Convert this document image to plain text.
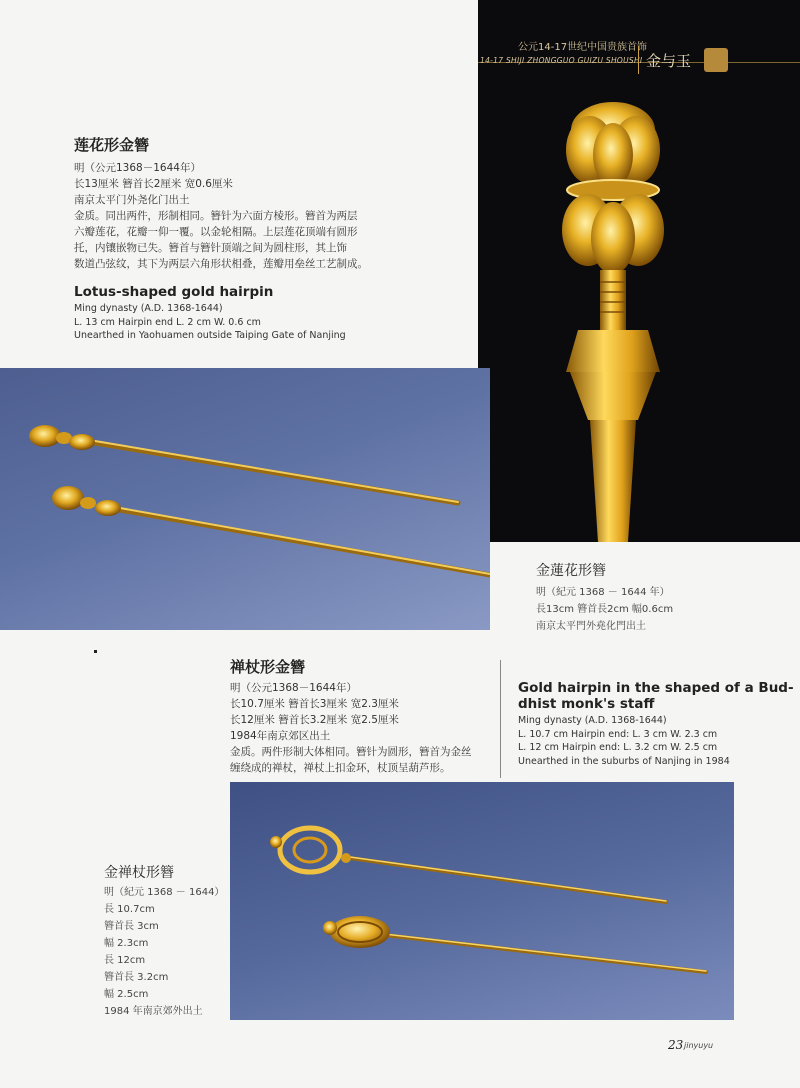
公元14-17世纪中国贵族首饰
14-17 SHIJI ZHONGGUO GUIZU SHOUSHI 金与玉
莲花形金簪
明（公元1368－1644年）
长13厘米 簪首长2厘米 宽0.6厘米
南京太平门外尧化门出土
金质。同出两件，形制相同。簪针为六面方棱形。簪首为两层
六瓣莲花，花瓣一仰一覆。以金轮相隔。上层莲花顶端有圆形
托，内镶嵌物已失。簪首与簪针顶端之间为圆柱形，其上饰
数道凸弦纹，其下为两层六角形状相叠，莲瓣用垒丝工艺制成。
Lotus-shaped gold hairpin
Ming dynasty (A.D. 1368-1644)
L. 13 cm Hairpin end L. 2 cm W. 0.6 cm
Unearthed in Yaohuamen outside Taiping Gate of Nanjing
金蓮花形簪
明（紀元 1368 － 1644 年）
長13cm 簪首長2cm 幅0.6cm
南京太平門外堯化門出土
禅杖形金簪
明（公元1368－1644年）
长10.7厘米 簪首长3厘米 宽2.3厘米
长12厘米 簪首长3.2厘米 宽2.5厘米
1984年南京郊区出土
金质。两件形制大体相同。簪针为圆形，簪首为金丝
缠绕成的禅杖，禅杖上扣金环，杖顶呈葫芦形。
Gold hairpin in the shaped of a Bud-
dhist monk's staff
Ming dynasty (A.D. 1368-1644)
L. 10.7 cm Hairpin end: L. 3 cm W. 2.3 cm
L. 12 cm Hairpin end: L. 3.2 cm W. 2.5 cm
Unearthed in the suburbs of Nanjing in 1984
金禅杖形簪
明（紀元 1368 － 1644）
長 10.7cm
簪首長 3cm
幅 2.3cm
長 12cm
簪首長 3.2cm
幅 2.5cm
1984 年南京郊外出土
23 jinyuyu
